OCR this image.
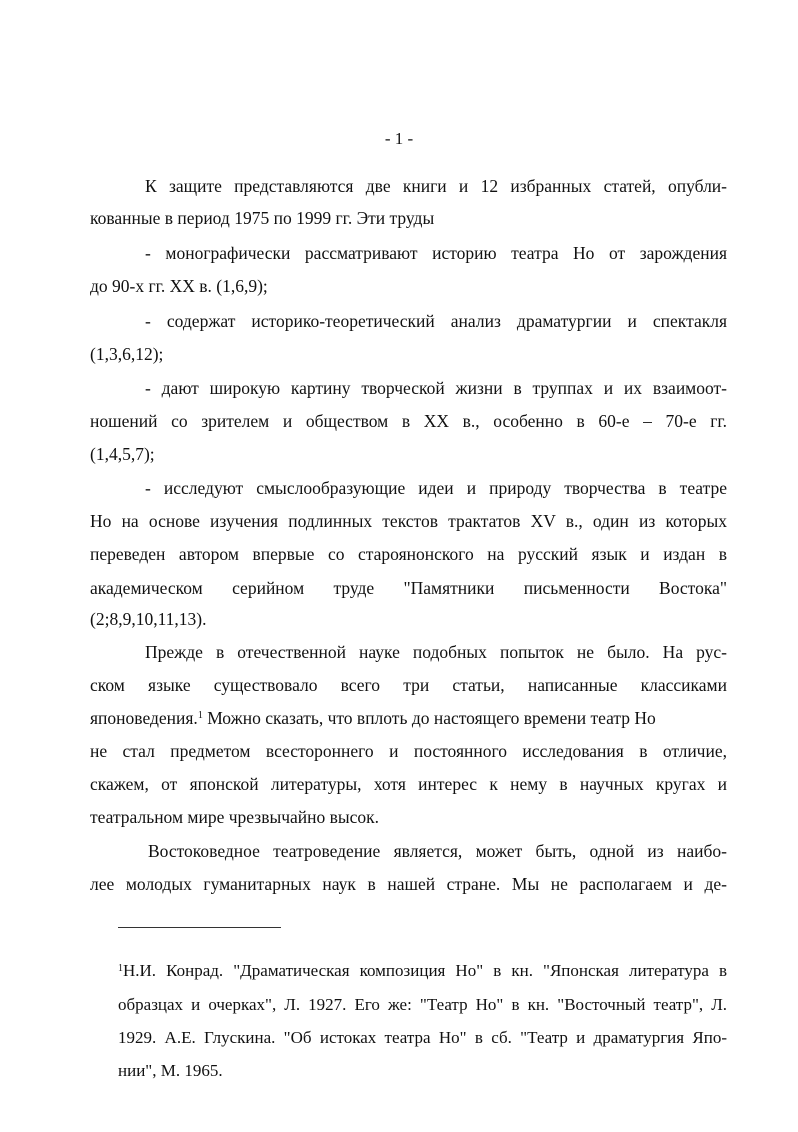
- 1 -
К защите представляются две книги и 12 избранных статей, опубли-
кованные в период 1975 по 1999 гг. Эти труды
- монографически рассматривают историю театра Но от зарождения
до 90-х гг. XX в. (1,6,9);
- содержат историко-теоретический анализ драматургии и спектакля
(1,3,6,12);
- дают широкую картину творческой жизни в труппах и их взаимоот-
ношений со зрителем и обществом в XX в., особенно в 60-е – 70-е гг.
(1,4,5,7);
- исследуют смыслообразующие идеи и природу творчества в театре
Но на основе изучения подлинных текстов трактатов XV в., один из которых
переведен автором впервые со староянонского на русский язык и издан в
академическом серийном труде "Памятники письменности Востока"
(2;8,9,10,11,13).
Прежде в отечественной науке подобных попыток не было. На рус-
ском языке существовало всего три статьи, написанные классиками
японоведения.$^1$ Можно сказать, что вплоть до настоящего времени театр Но
не стал предметом всестороннего и постоянного исследования в отличие,
скажем, от японской литературы, хотя интерес к нему в научных кругах и
театральном мире чрезвычайно высок.
Востоковедное театроведение является, может быть, одной из наибо-
лее молодых гуманитарных наук в нашей стране. Мы не располагаем и де-
$^1$Н.И. Конрад. "Драматическая композиция Но" в кн. "Японская литература в
образцах и очерках", Л. 1927. Его же: "Театр Но" в кн. "Восточный театр", Л.
1929. А.Е. Глускина. "Об истоках театра Но" в сб. "Театр и драматургия Япо-
нии", М. 1965.
